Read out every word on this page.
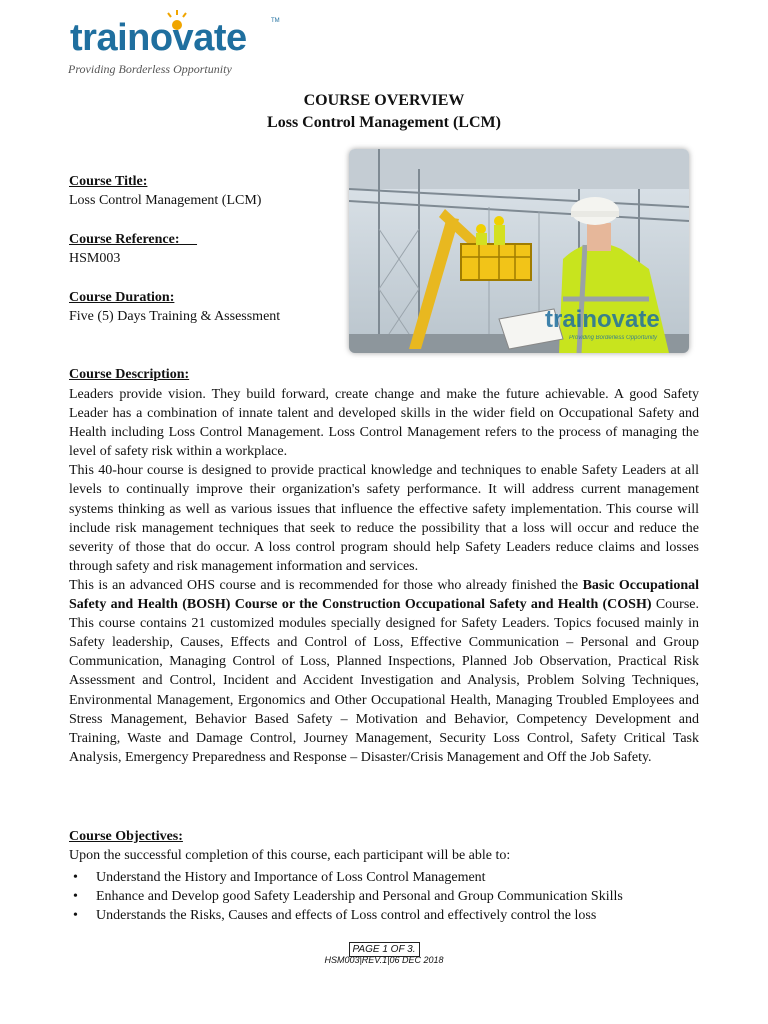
trainovate	TM
Providing Borderless Opportunity
COURSE OVERVIEW
Loss Control Management (LCM)
trainovate
Providing Borderless Opportunity
Course Title:
Loss Control Management (LCM)
Course Reference:
HSM003
Course Duration:
Five (5) Days Training & Assessment
Course Description:
Leaders provide vision. They build forward, create change and make the future achievable. A good Safety Leader has a combination of innate talent and developed skills in the wider field on Occupational Safety and Health including Loss Control Management. Loss Control Management refers to the process of managing the level of safety risk within a workplace.
This 40-hour course is designed to provide practical knowledge and techniques to enable Safety Leaders at all levels to continually improve their organization's safety performance. It will address current management systems thinking as well as various issues that influence the effective safety implementation. This course will include risk management techniques that seek to reduce the possibility that a loss will occur and reduce the severity of those that do occur. A loss control program should help Safety Leaders reduce claims and losses through safety and risk management information and services.
This is an advanced OHS course and is recommended for those who already finished the Basic Occupational Safety and Health (BOSH) Course or the Construction Occupational Safety and Health (COSH) Course. This course contains 21 customized modules specially designed for Safety Leaders. Topics focused mainly in Safety leadership, Causes, Effects and Control of Loss, Effective Communication – Personal and Group Communication, Managing Control of Loss, Planned Inspections, Planned Job Observation, Practical Risk Assessment and Control, Incident and Accident Investigation and Analysis, Problem Solving Techniques, Environmental Management, Ergonomics and Other Occupational Health, Managing Troubled Employees and Stress Management, Behavior Based Safety – Motivation and Behavior, Competency Development and Training, Waste and Damage Control, Journey Management, Security Loss Control, Safety Critical Task Analysis, Emergency Preparedness and Response – Disaster/Crisis Management and Off the Job Safety.
Course Objectives:
Upon the successful completion of this course, each participant will be able to:
• Understand the History and Importance of Loss Control Management
• Enhance and Develop good Safety Leadership and Personal and Group Communication Skills
• Understands the Risks, Causes and effects of Loss control and effectively control the loss
PAGE 1 OF 3.
HSM003|REV.1|06 DEC 2018
